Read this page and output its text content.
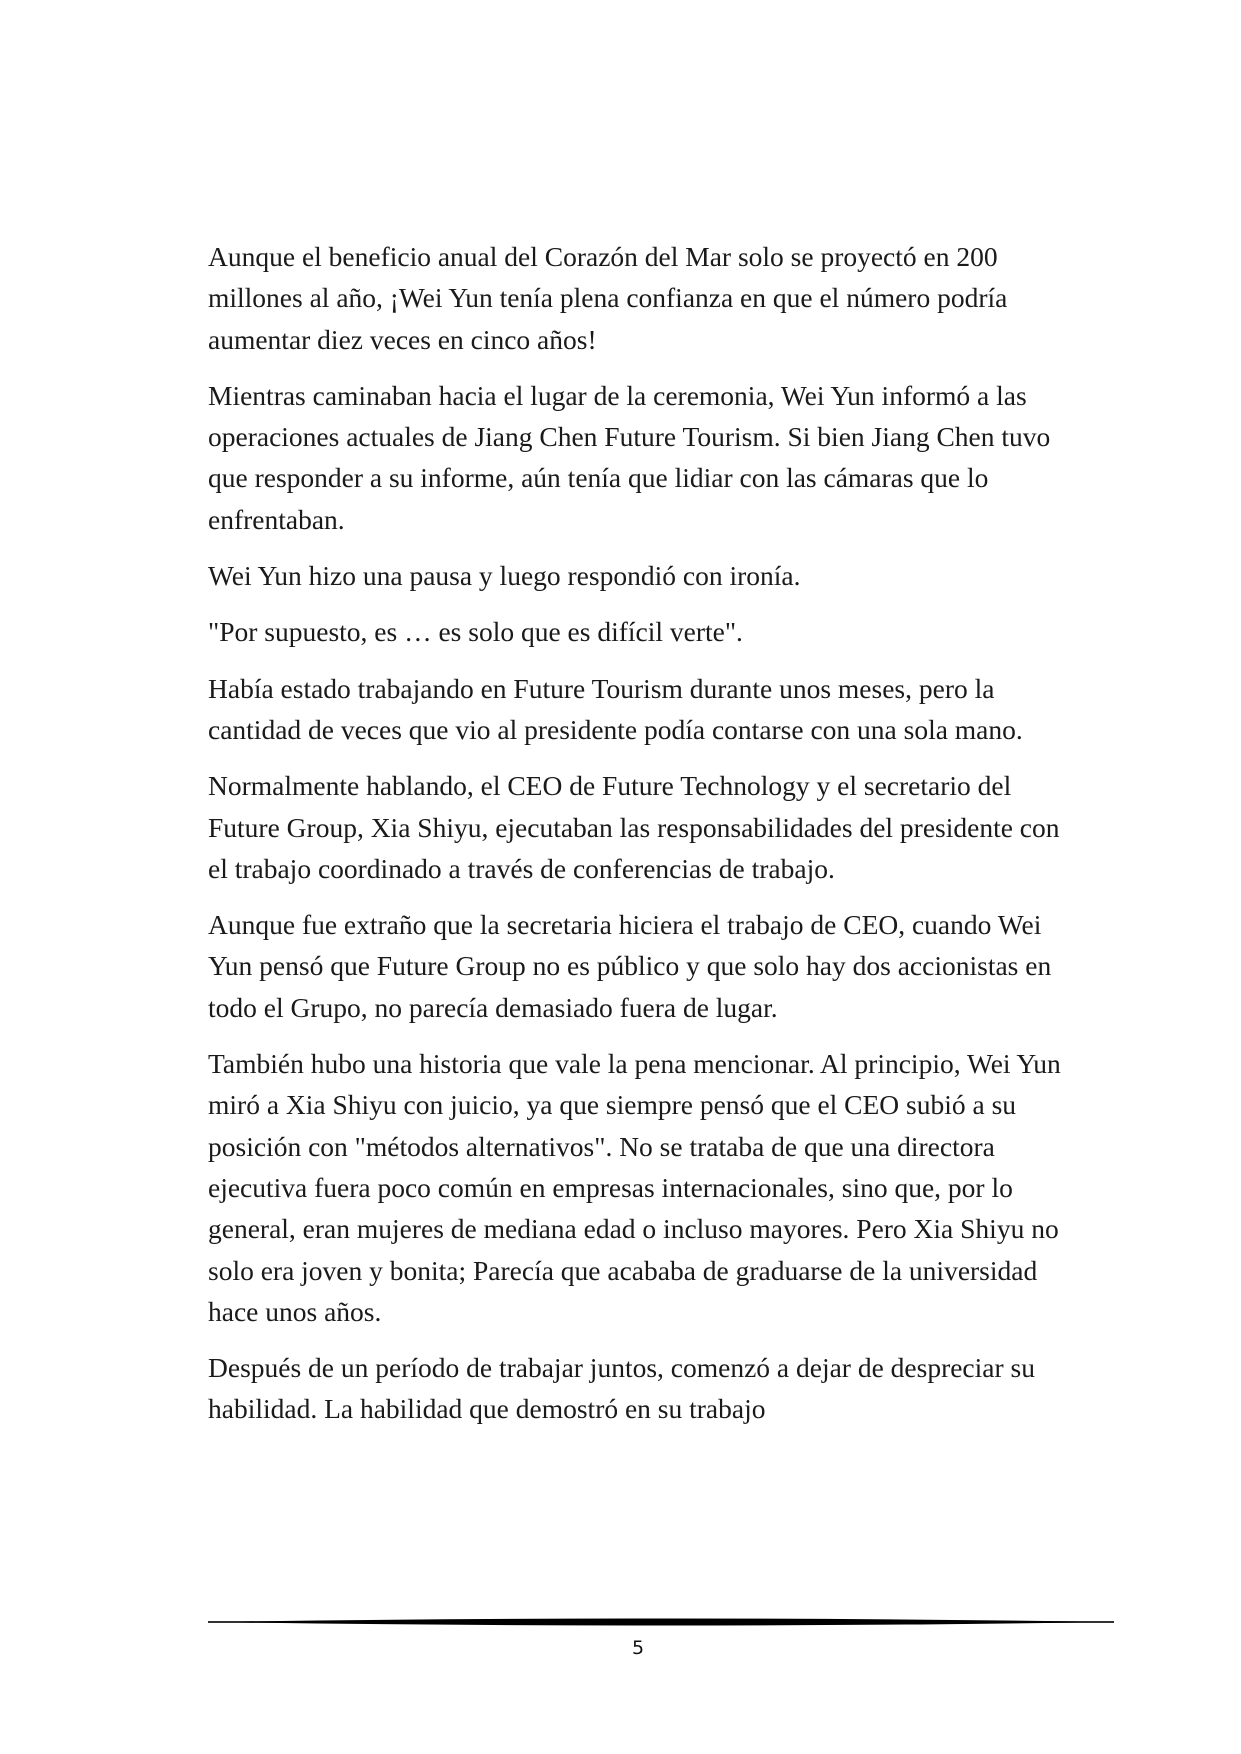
Aunque el beneficio anual del Corazón del Mar solo se proyectó en 200 millones al año, ¡Wei Yun tenía plena confianza en que el número podría aumentar diez veces en cinco años!

Mientras caminaban hacia el lugar de la ceremonia, Wei Yun informó a las operaciones actuales de Jiang Chen Future Tourism. Si bien Jiang Chen tuvo que responder a su informe, aún tenía que lidiar con las cámaras que lo enfrentaban.

Wei Yun hizo una pausa y luego respondió con ironía.

"Por supuesto, es … es solo que es difícil verte".

Había estado trabajando en Future Tourism durante unos meses, pero la cantidad de veces que vio al presidente podía contarse con una sola mano.

Normalmente hablando, el CEO de Future Technology y el secretario del Future Group, Xia Shiyu, ejecutaban las responsabilidades del presidente con el trabajo coordinado a través de conferencias de trabajo.

Aunque fue extraño que la secretaria hiciera el trabajo de CEO, cuando Wei Yun pensó que Future Group no es público y que solo hay dos accionistas en todo el Grupo, no parecía demasiado fuera de lugar.

También hubo una historia que vale la pena mencionar. Al principio, Wei Yun miró a Xia Shiyu con juicio, ya que siempre pensó que el CEO subió a su posición con "métodos alternativos". No se trataba de que una directora ejecutiva fuera poco común en empresas internacionales, sino que, por lo general, eran mujeres de mediana edad o incluso mayores. Pero Xia Shiyu no solo era joven y bonita; Parecía que acababa de graduarse de la universidad hace unos años.

Después de un período de trabajar juntos, comenzó a dejar de despreciar su habilidad. La habilidad que demostró en su trabajo

5
